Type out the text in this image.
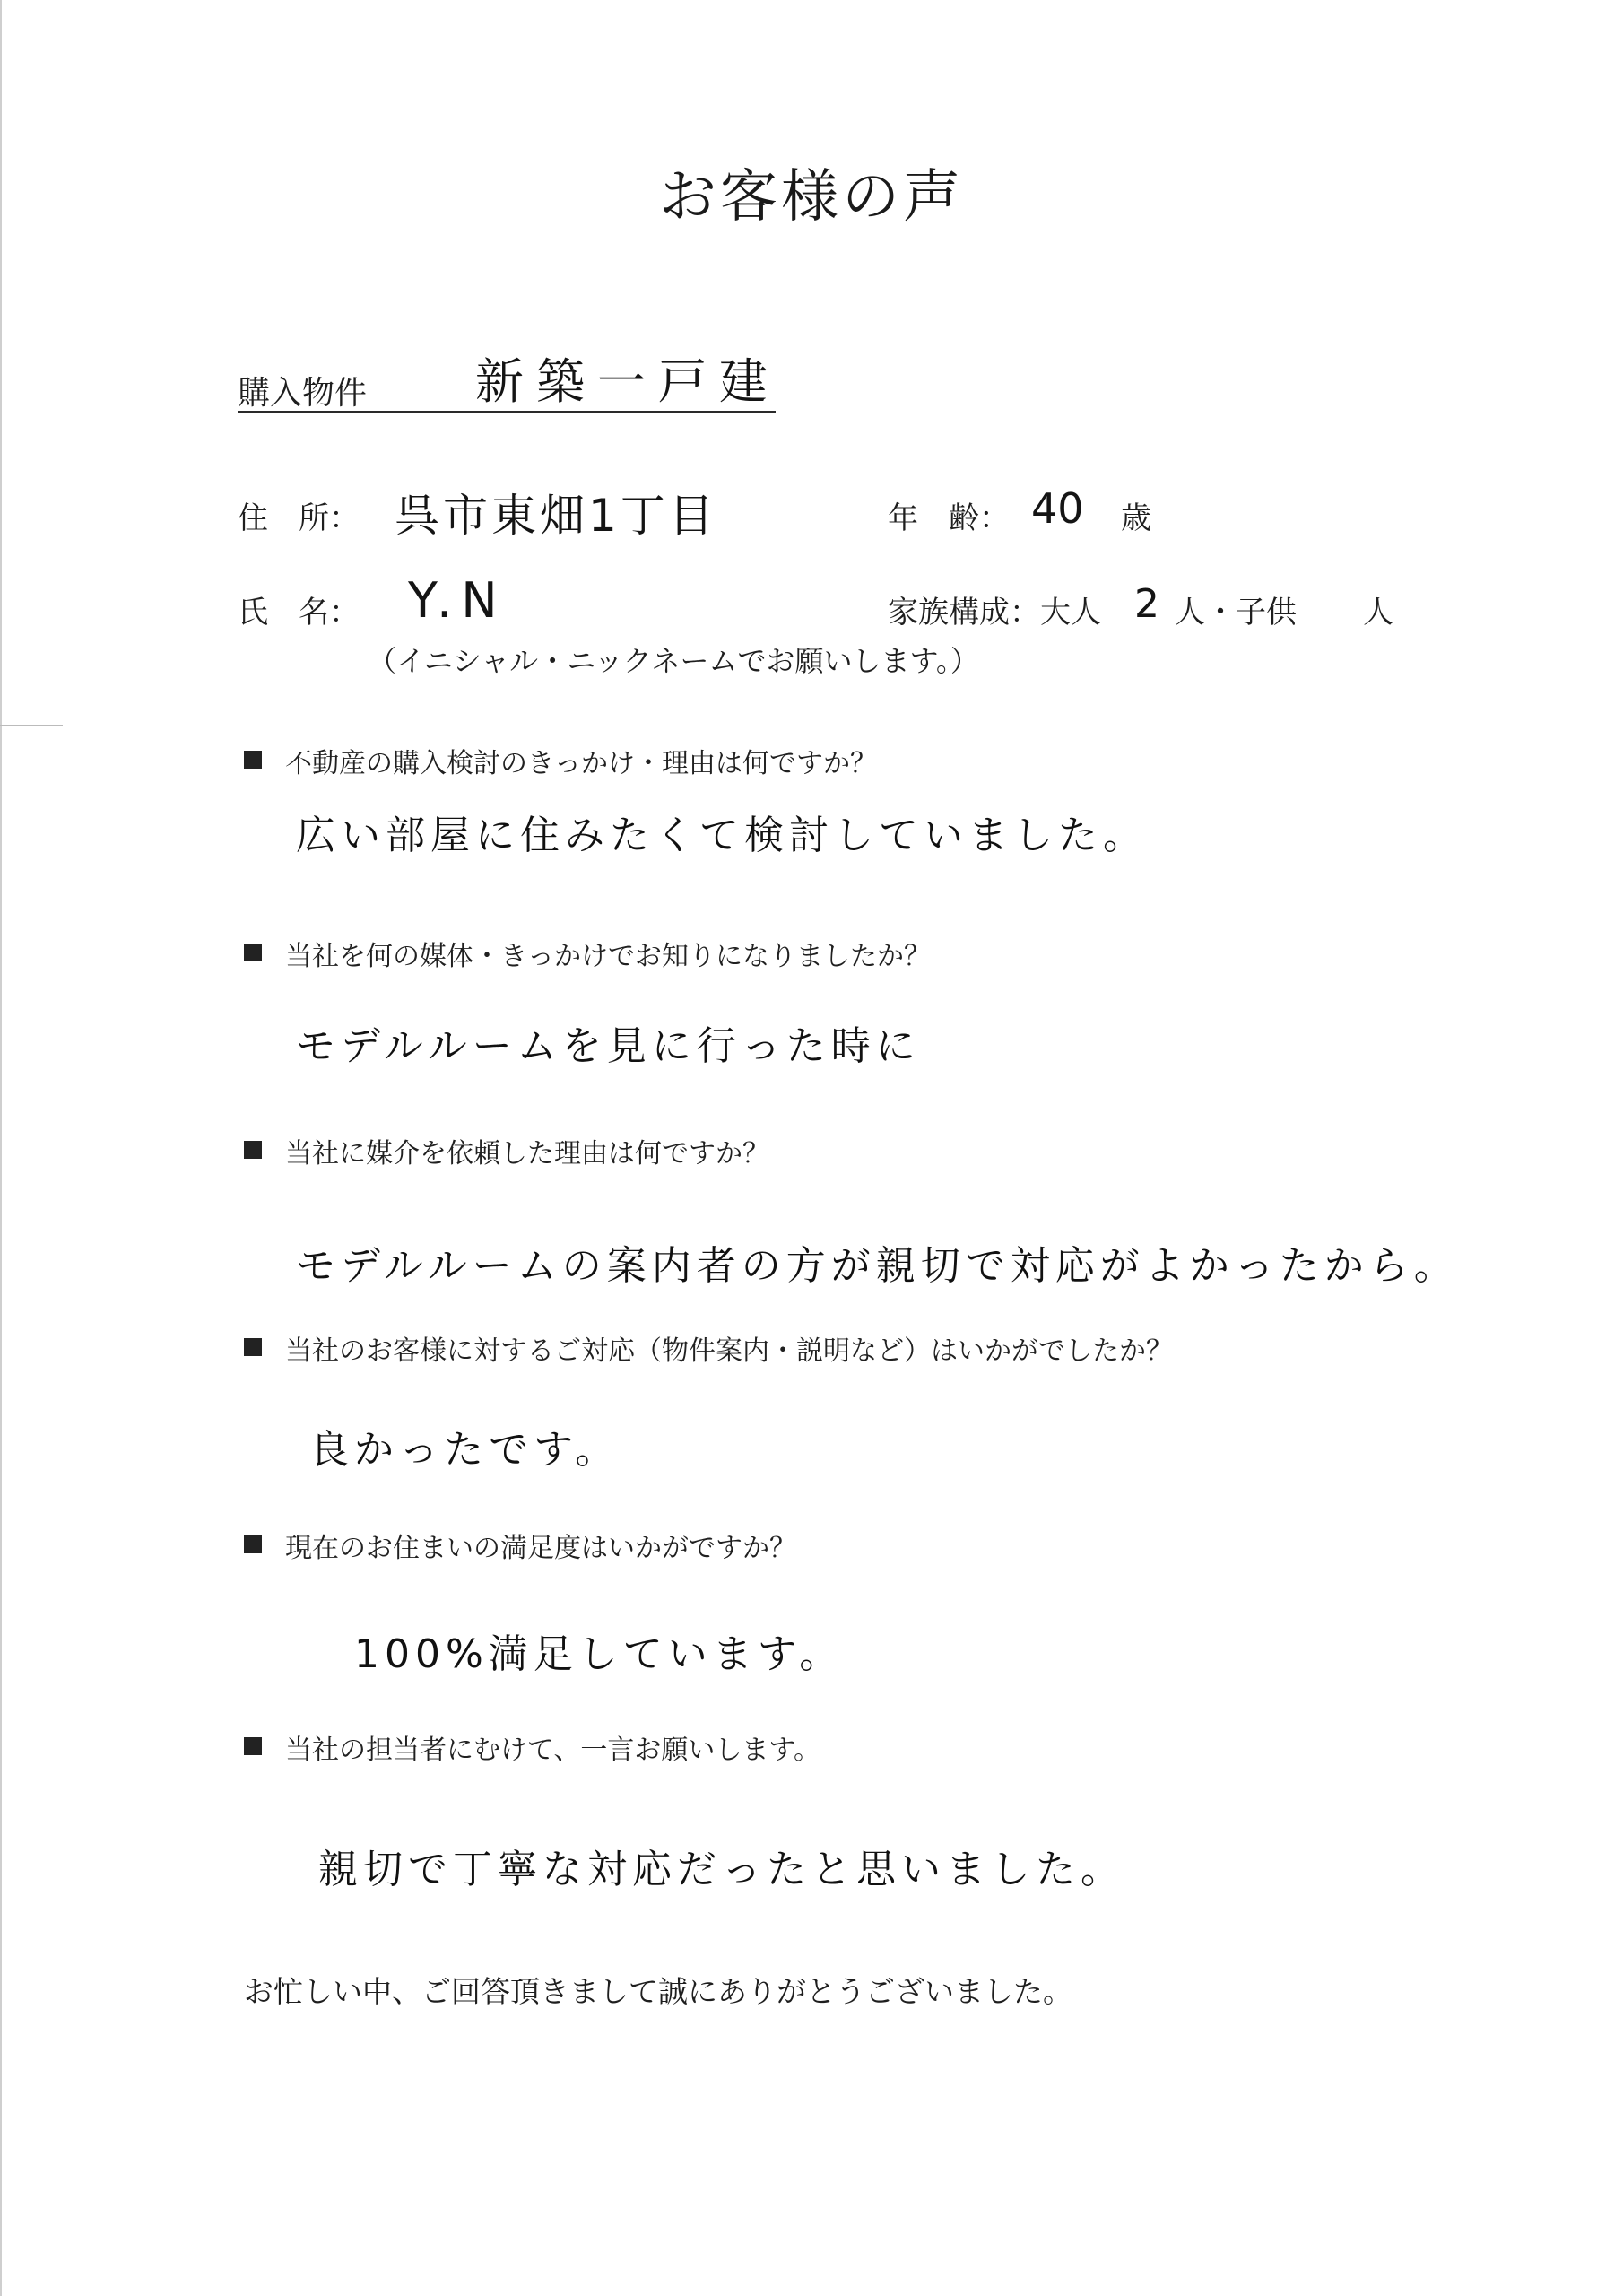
お客様の声
購入物件 新築一戸建
住　所： 呉市東畑1丁目	年　齢： 40 歳
氏　名： Y.N	家族構成：大人 2 人・子供 人
（イニシャル・ニックネームでお願いします。）
不動産の購入検討のきっかけ・理由は何ですか？
広い部屋に住みたくて検討していました。
当社を何の媒体・きっかけでお知りになりましたか？
モデルルームを見に行った時に
当社に媒介を依頼した理由は何ですか？
モデルルームの案内者の方が親切で対応がよかったから。
当社のお客様に対するご対応（物件案内・説明など）はいかがでしたか？
良かったです。
現在のお住まいの満足度はいかがですか？
100%満足しています。
当社の担当者にむけて、一言お願いします。
親切で丁寧な対応だったと思いました。
お忙しい中、ご回答頂きまして誠にありがとうございました。
